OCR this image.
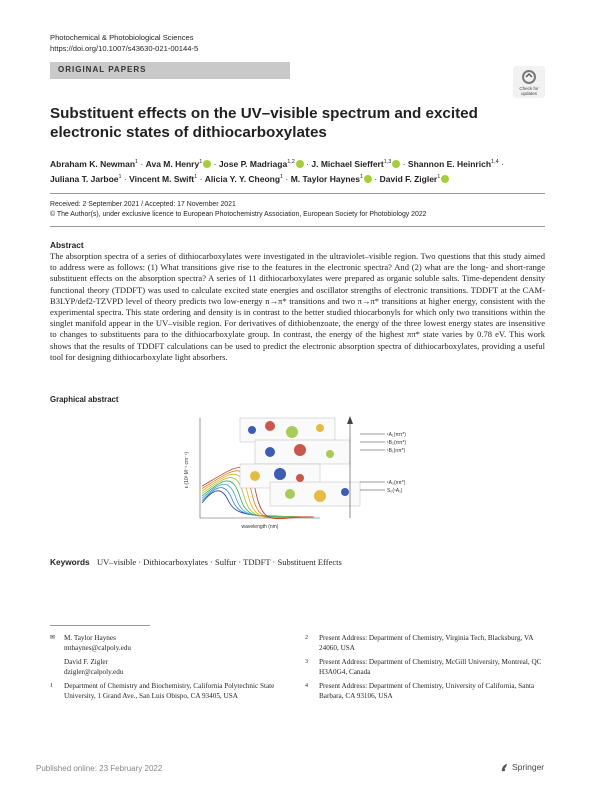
Photochemical & Photobiological Sciences
https://doi.org/10.1007/s43630-021-00144-5
ORIGINAL PAPERS
Check for
updates
Substituent effects on the UV–visible spectrum and excited electronic states of dithiocarboxylates
Abraham K. Newman$^1$ · Ava M. Henry$^1$ · Jose P. Madriaga$^{1,2}$ · J. Michael Sieffert$^{1,3}$ · Shannon E. Heinrich$^{1,4}$ ·
Juliana T. Jarboe$^1$ · Vincent M. Swift$^1$ · Alicia Y. Y. Cheong$^1$ · M. Taylor Haynes$^1$ · David F. Zigler$^1$
Received: 2 September 2021 / Accepted: 17 November 2021
© The Author(s), under exclusive licence to European Photochemistry Association, European Society for Photobiology 2022
Abstract

The absorption spectra of a series of dithiocarboxylates were investigated in the ultraviolet–visible region. Two questions that this study aimed to address were as follows: (1) What transitions give rise to the features in the electronic spectra? And (2) what are the long- and short-range substituent effects on the absorption spectra? A series of 11 dithiocarboxylates were prepared as organic soluble salts. Time-dependent density functional theory (TDDFT) was used to calculate excited state energies and oscillator strengths of electronic transitions. TDDFT at the CAM-B3LYP/def2-TZVPD level of theory predicts two low-energy n→π* transitions and two π→π* transitions at higher energy, consistent with the experimental spectra. This state ordering and density is in contrast to the better studied thiocarbonyls for which only two transitions within the singlet manifold appear in the UV–visible region. For derivatives of dithiobenzoate, the energy of the three lowest energy states are insensitive to changes to substituents para to the dithiocarboxylate group. In contrast, the energy of the highest ππ* state varies by 0.78 eV. This work shows that the results of TDDFT calculations can be used to predict the electronic absorption spectra of dithiocarboxylates, providing a useful tool for designing dithiocarboxylate light absorbers.

Graphical abstract
ε (10³ M⁻¹ cm⁻¹)
wavelength (nm)
¹A₁(ππ*)
¹B₂(ππ*)
¹B₁(nπ*)
¹A₂(nπ*)
S₀(¹A₁)
Keywords UV–visible · Dithiocarboxylates · Sulfur · TDDFT · Substituent Effects
✉	M. Taylor Haynes
mthaynes@calpoly.edu
David F. Zigler
dzigler@calpoly.edu
1	Department of Chemistry and Biochemistry, California Polytechnic State University, 1 Grand Ave., San Luis Obispo, CA 93405, USA
2	Present Address: Department of Chemistry, Virginia Tech, Blacksburg, VA 24060, USA
3	Present Address: Department of Chemistry, McGill University, Montreal, QC H3A0G4, Canada
4	Present Address: Department of Chemistry, University of California, Santa Barbara, CA 93106, USA
Published online: 23 February 2022	Springer
